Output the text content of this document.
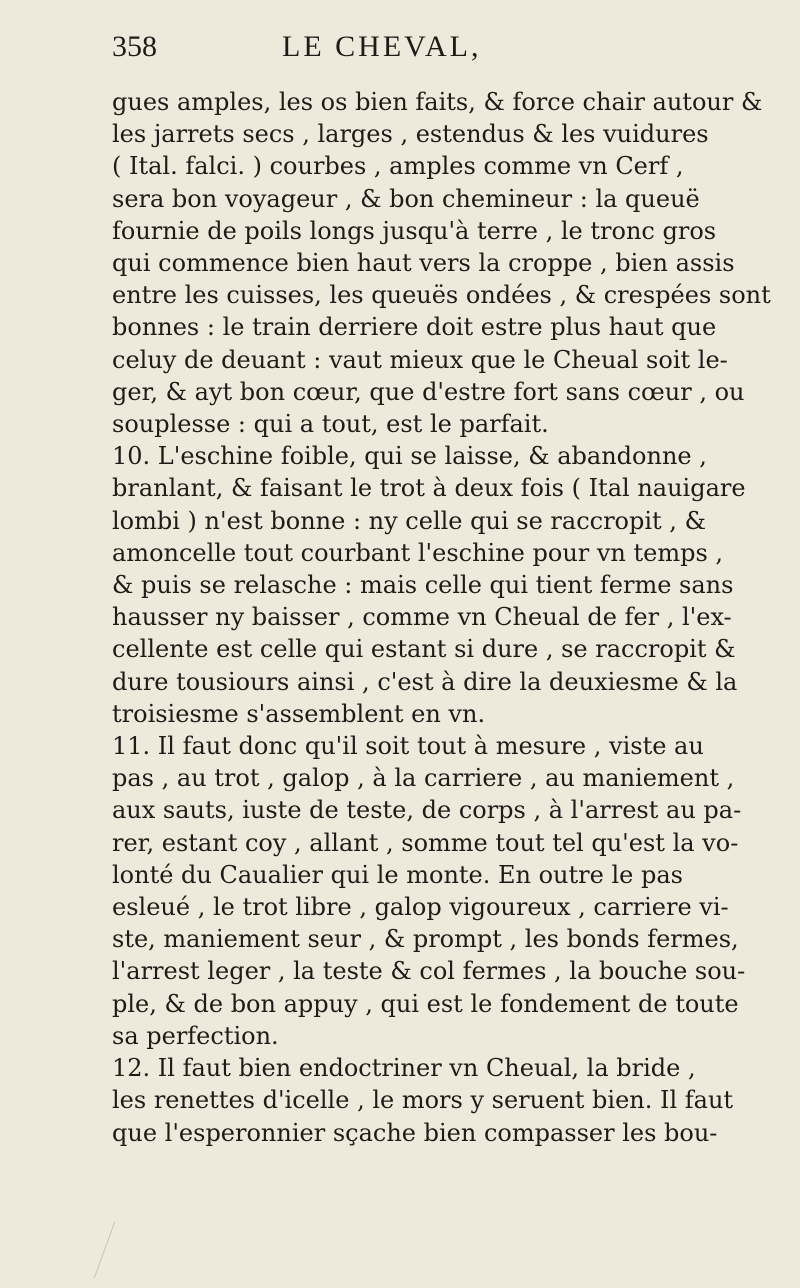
358	LE CHEVAL,
gues amples, les os bien faits, & force chair autour &
les jarrets secs , larges , estendus & les vuidures
( Ital. falci. ) courbes , amples comme vn Cerf ,
sera bon voyageur , & bon chemineur : la queuë
fournie de poils longs jusqu'à terre , le tronc gros
qui commence bien haut vers la croppe , bien assis
entre les cuisses, les queuës ondées , & crespées sont
bonnes : le train derriere doit estre plus haut que
celuy de deuant : vaut mieux que le Cheual soit le-
ger, & ayt bon cœur, que d'estre fort sans cœur , ou
souplesse : qui a tout, est le parfait.
10. L'eschine foible, qui se laisse, & abandonne ,
branlant, & faisant le trot à deux fois ( Ital nauigare
lombi ) n'est bonne : ny celle qui se raccropit , &
amoncelle tout courbant l'eschine pour vn temps ,
& puis se relasche : mais celle qui tient ferme sans
hausser ny baisser , comme vn Cheual de fer , l'ex-
cellente est celle qui estant si dure , se raccropit &
dure tousiours ainsi , c'est à dire la deuxiesme & la
troisiesme s'assemblent en vn.
11. Il faut donc qu'il soit tout à mesure , viste au
pas , au trot , galop , à la carriere , au maniement ,
aux sauts, iuste de teste, de corps , à l'arrest au pa-
rer, estant coy , allant , somme tout tel qu'est la vo-
lonté du Caualier qui le monte. En outre le pas
esleué , le trot libre , galop vigoureux , carriere vi-
ste, maniement seur , & prompt , les bonds fermes,
l'arrest leger , la teste & col fermes , la bouche sou-
ple, & de bon appuy , qui est le fondement de toute
sa perfection.
12. Il faut bien endoctriner vn Cheual, la bride ,
les renettes d'icelle , le mors y seruent bien. Il faut
que l'esperonnier sçache bien compasser les bou-
